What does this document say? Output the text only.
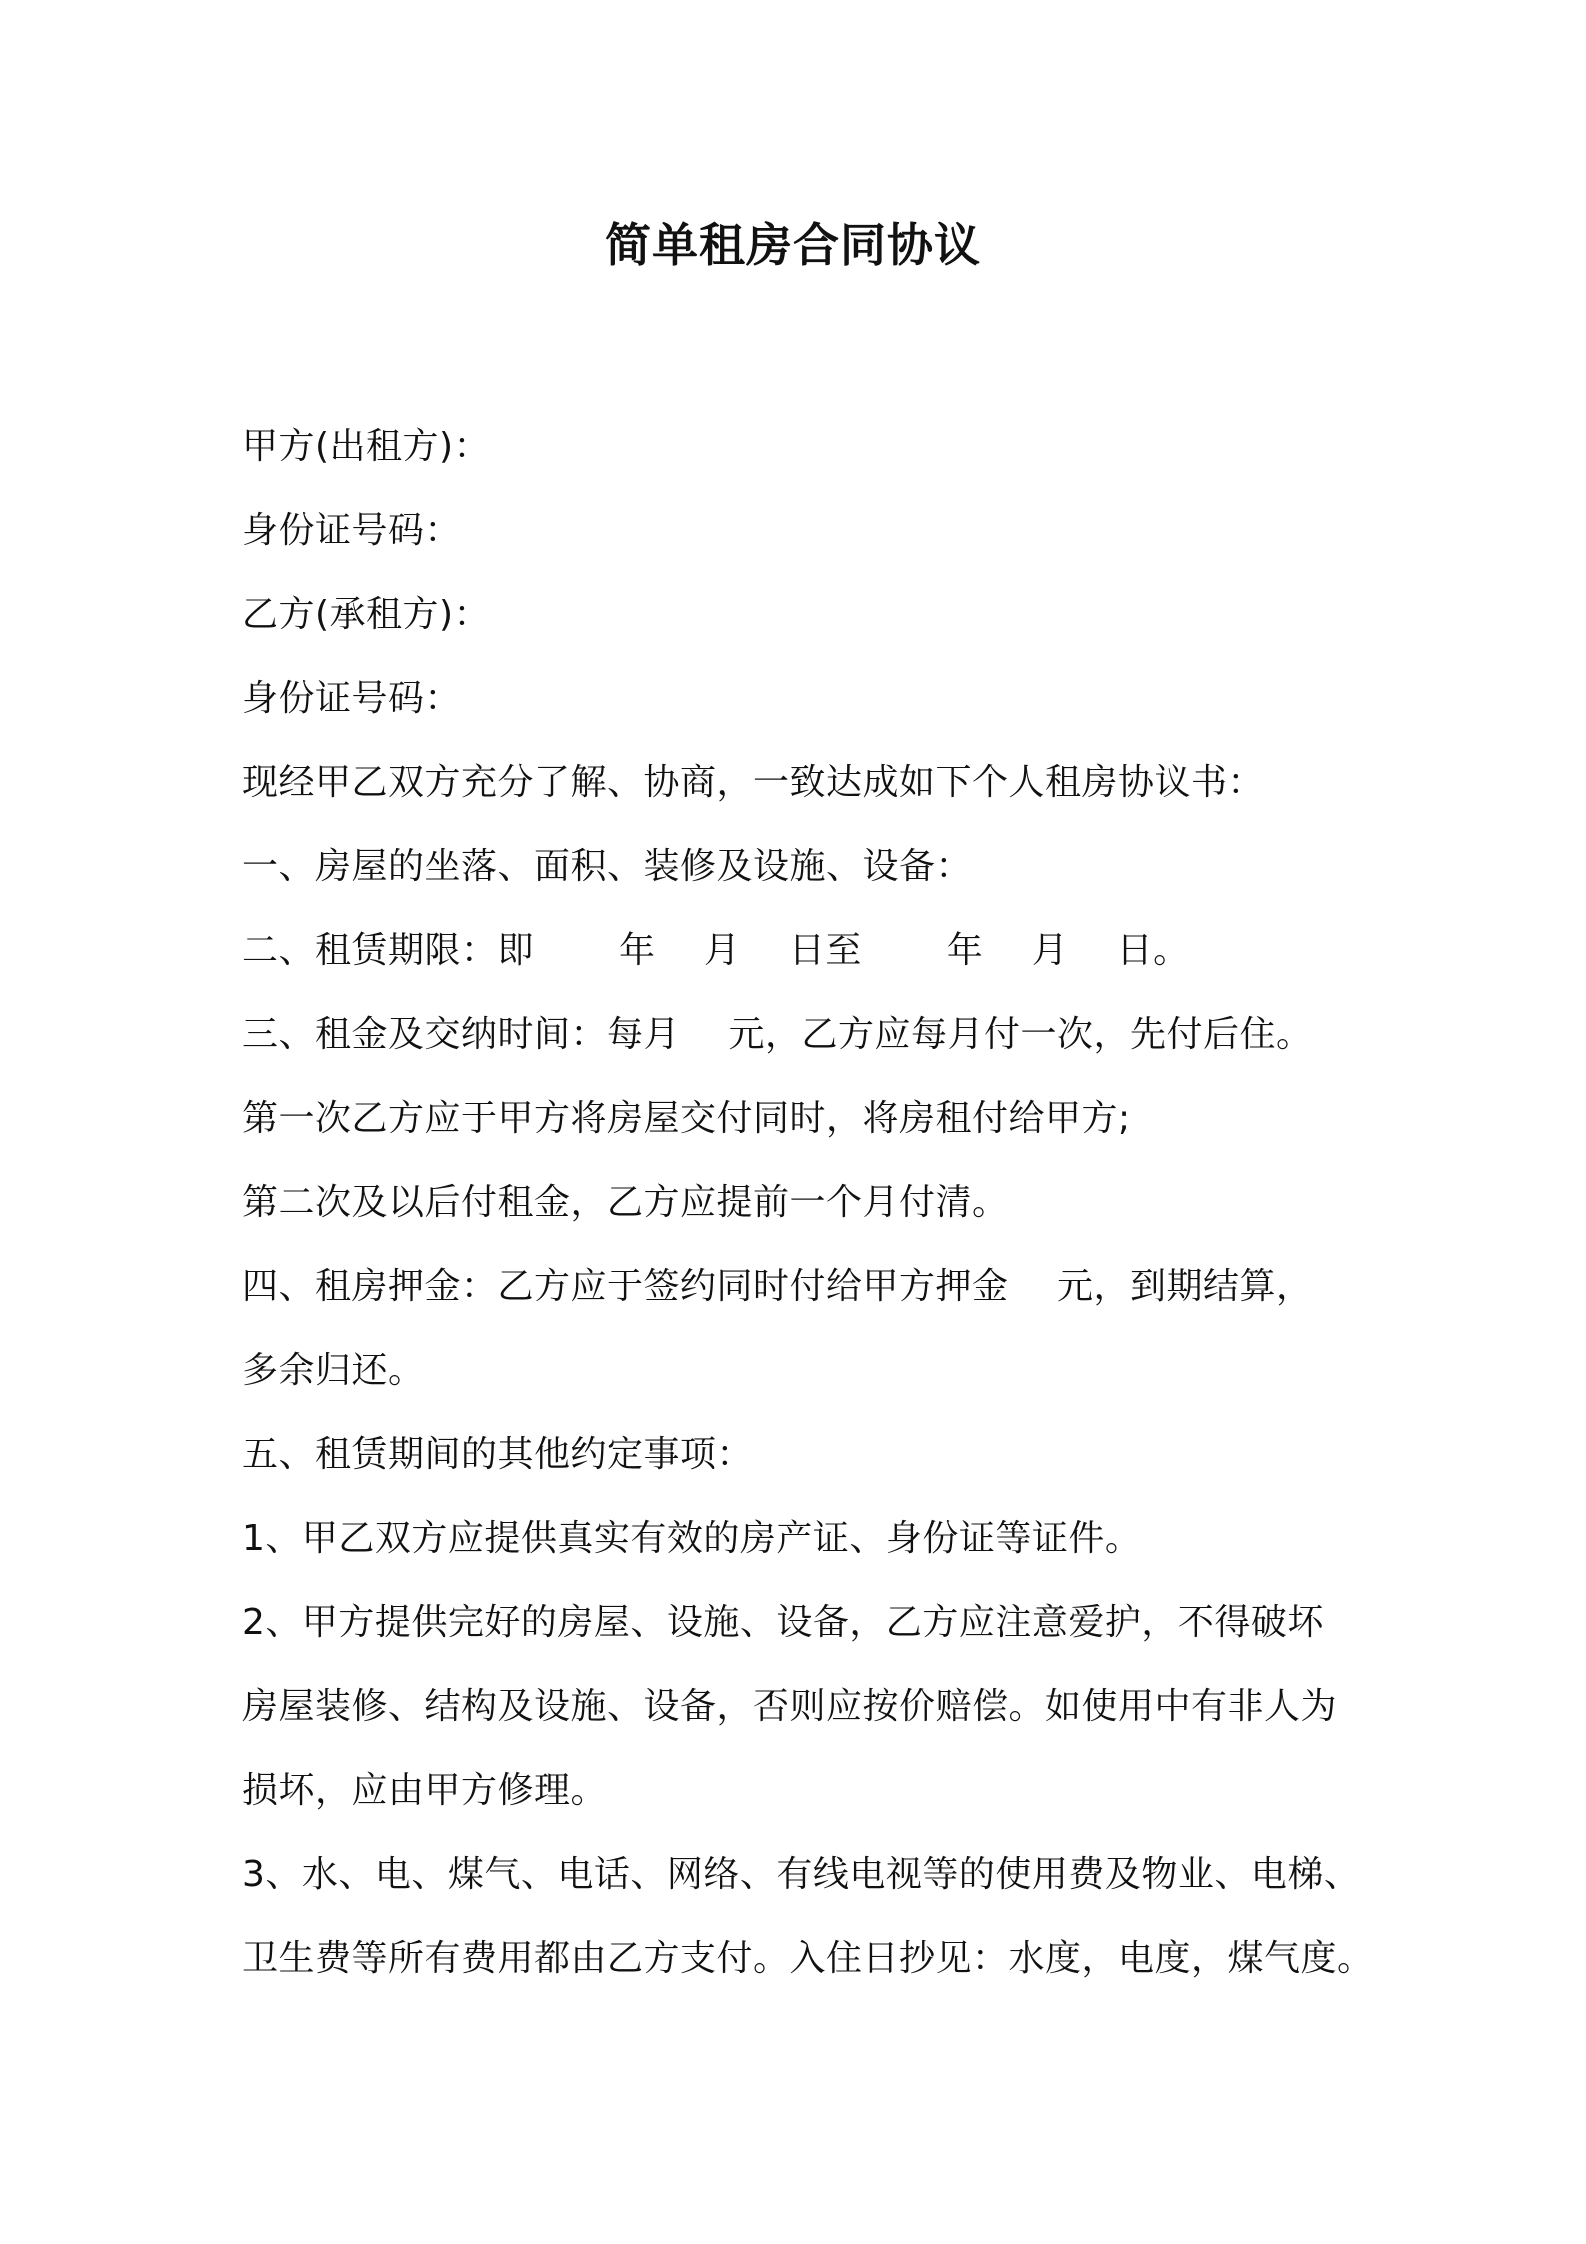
简单租房合同协议
甲方(出租方)：
身份证号码：
乙方(承租方)：
身份证号码：
现经甲乙双方充分了解、协商，一致达成如下个人租房协议书：
一、房屋的坐落、面积、装修及设施、设备：
二、租赁期限：即　　 年　 月　 日至　　 年　 月　 日。
三、租金及交纳时间：每月　 元，乙方应每月付一次，先付后住。
第一次乙方应于甲方将房屋交付同时，将房租付给甲方;
第二次及以后付租金，乙方应提前一个月付清。
四、租房押金：乙方应于签约同时付给甲方押金　 元，到期结算，
多余归还。
五、租赁期间的其他约定事项：
1、甲乙双方应提供真实有效的房产证、身份证等证件。
2、甲方提供完好的房屋、设施、设备，乙方应注意爱护，不得破坏
房屋装修、结构及设施、设备，否则应按价赔偿。如使用中有非人为
损坏，应由甲方修理。
3、水、电、煤气、电话、网络、有线电视等的使用费及物业、电梯、
卫生费等所有费用都由乙方支付。入住日抄见：水度，电度，煤气度。
